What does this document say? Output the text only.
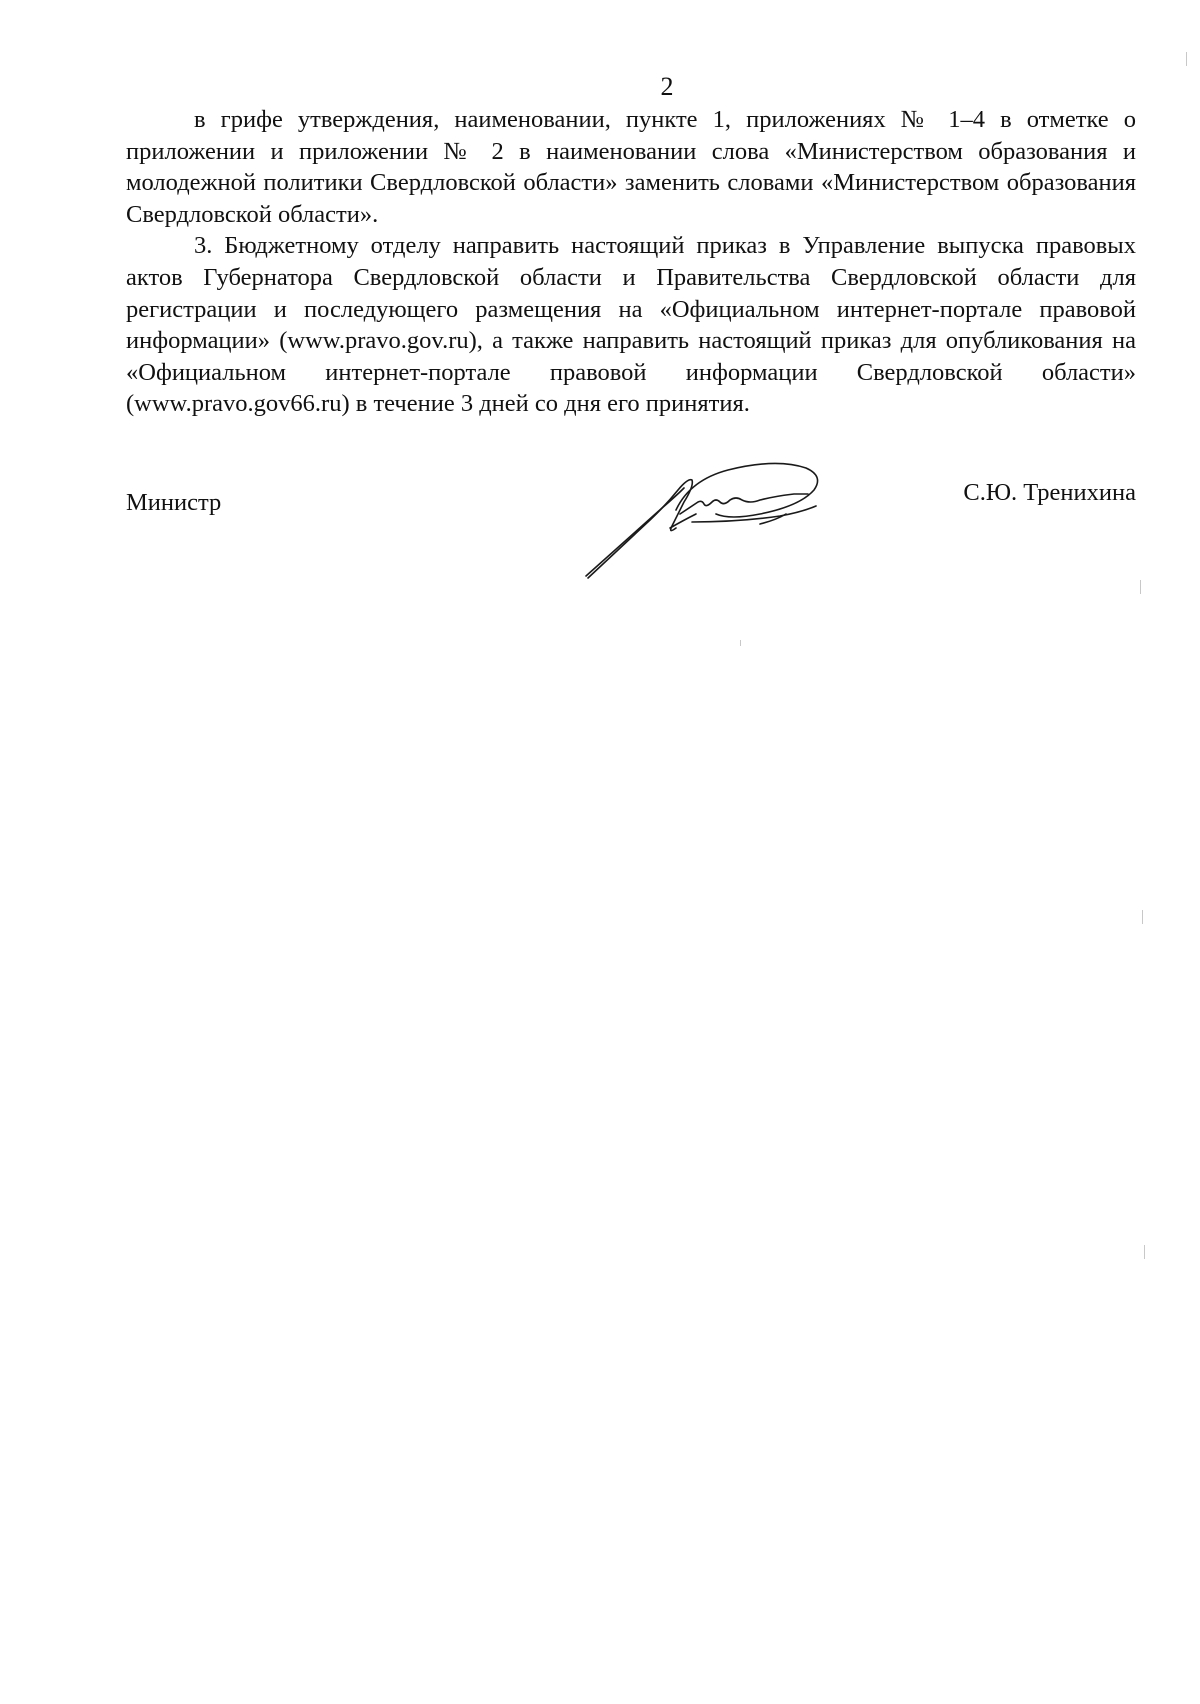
2

в грифе утверждения, наименовании, пункте 1, приложениях № 1–4 в отметке о приложении и приложении № 2 в наименовании слова «Министерством образования и молодежной политики Свердловской области» заменить словами «Министерством образования Свердловской области».

3. Бюджетному отделу направить настоящий приказ в Управление выпуска правовых актов Губернатора Свердловской области и Правительства Свердловской области для регистрации и последующего размещения на «Официальном интернет-портале правовой информации» (www.pravo.gov.ru), а также направить настоящий приказ для опубликования на «Официальном интернет-портале правовой информации Свердловской области» (www.pravo.gov66.ru) в течение 3 дней со дня его принятия.

Министр	С.Ю. Тренихина
